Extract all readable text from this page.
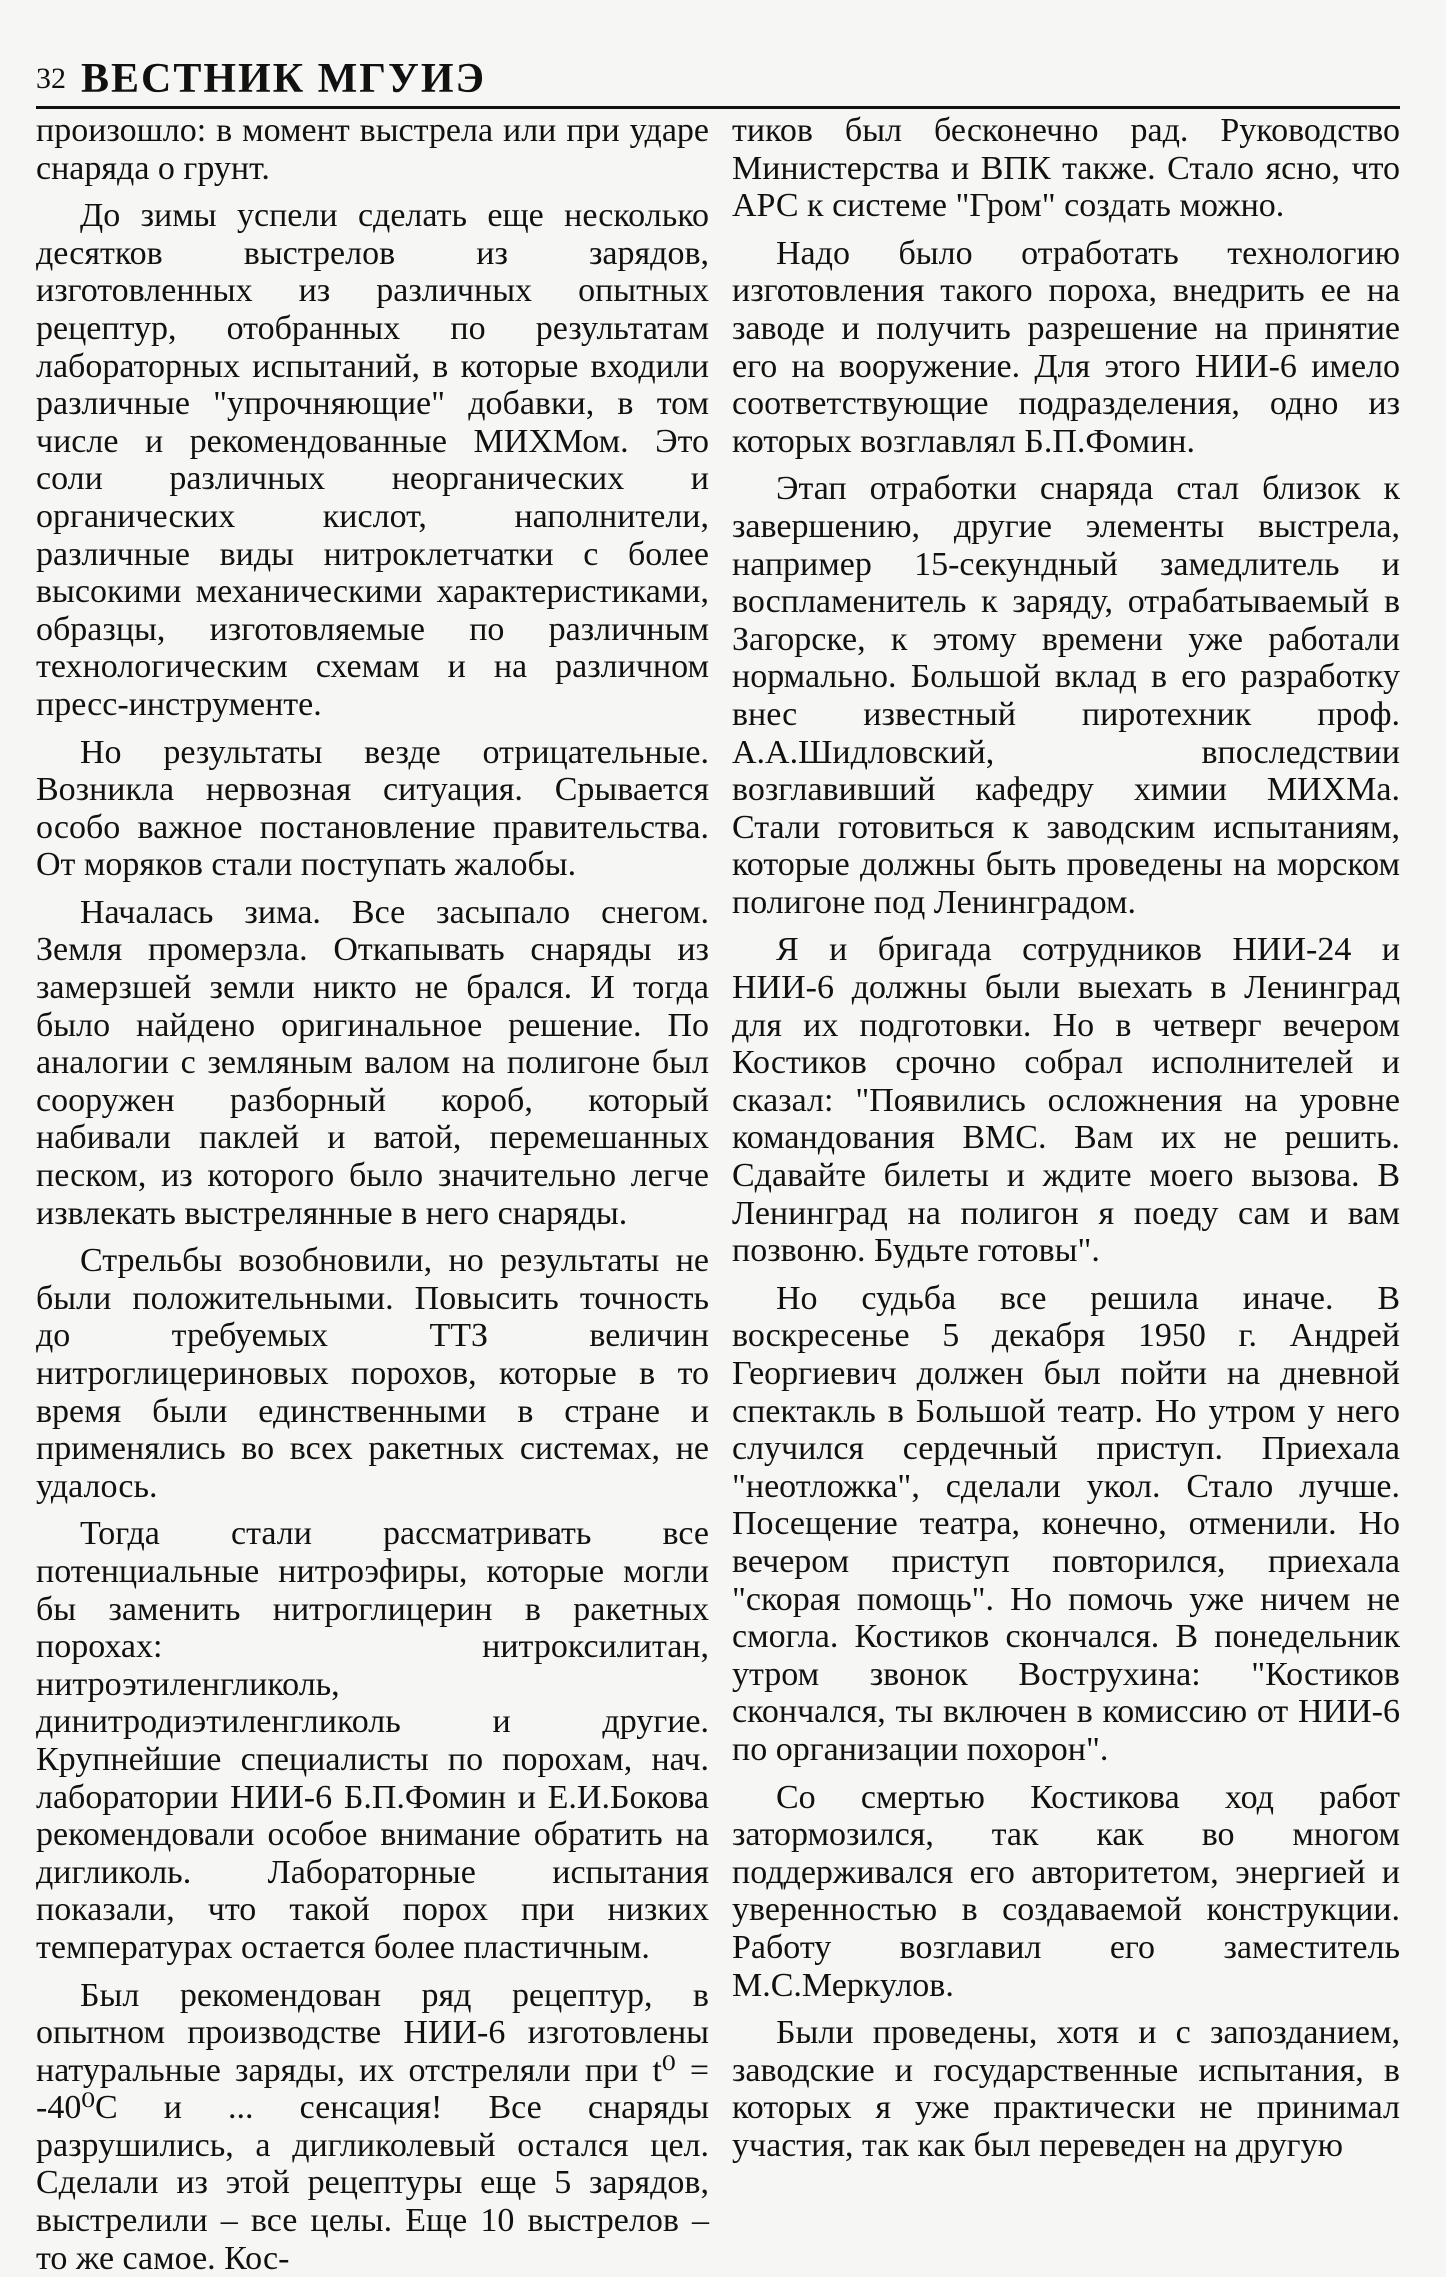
32 ВЕСТНИК МГУИЭ

произошло: в момент выстрела или при ударе снаряда о грунт.

До зимы успели сделать еще несколько десятков выстрелов из зарядов, изготовленных из различных опытных рецептур, отобранных по результатам лабораторных испытаний, в которые входили различные "упрочняющие" добавки, в том числе и рекомендованные МИХМом. Это соли различных неорганических и органических кислот, наполнители, различные виды нитроклетчатки с более высокими механическими характеристиками, образцы, изготовляемые по различным технологическим схемам и на различном пресс-инструменте.

Но результаты везде отрицательные. Возникла нервозная ситуация. Срывается особо важное постановление правительства. От моряков стали поступать жалобы.

Началась зима. Все засыпало снегом. Земля промерзла. Откапывать снаряды из замерзшей земли никто не брался. И тогда было найдено оригинальное решение. По аналогии с земляным валом на полигоне был сооружен разборный короб, который набивали паклей и ватой, перемешанных песком, из которого было значительно легче извлекать выстрелянные в него снаряды.

Стрельбы возобновили, но результаты не были положительными. Повысить точность до требуемых ТТЗ величин нитроглицериновых порохов, которые в то время были единственными в стране и применялись во всех ракетных системах, не удалось.

Тогда стали рассматривать все потенциальные нитроэфиры, которые могли бы заменить нитроглицерин в ракетных порохах: нитроксилитан, нитроэтиленгликоль, динитродиэтиленгликоль и другие. Крупнейшие специалисты по порохам, нач. лаборатории НИИ-6 Б.П.Фомин и Е.И.Бокова рекомендовали особое внимание обратить на дигликоль. Лабораторные испытания показали, что такой порох при низких температурах остается более пластичным.

Был рекомендован ряд рецептур, в опытном производстве НИИ-6 изготовлены натуральные заряды, их отстреляли при t⁰ = -40⁰C и ... сенсация! Все снаряды разрушились, а дигликолевый остался цел. Сделали из этой рецептуры еще 5 зарядов, выстрелили – все целы. Еще 10 выстрелов – то же самое. Кос-

тиков был бесконечно рад. Руководство Министерства и ВПК также. Стало ясно, что АРС к системе "Гром" создать можно.

Надо было отработать технологию изготовления такого пороха, внедрить ее на заводе и получить разрешение на принятие его на вооружение. Для этого НИИ-6 имело соответствующие подразделения, одно из которых возглавлял Б.П.Фомин.

Этап отработки снаряда стал близок к завершению, другие элементы выстрела, например 15-секундный замедлитель и воспламенитель к заряду, отрабатываемый в Загорске, к этому времени уже работали нормально. Большой вклад в его разработку внес известный пиротехник проф. А.А.Шидловский, впоследствии возглавивший кафедру химии МИХМа. Стали готовиться к заводским испытаниям, которые должны быть проведены на морском полигоне под Ленинградом.

Я и бригада сотрудников НИИ-24 и НИИ-6 должны были выехать в Ленинград для их подготовки. Но в четверг вечером Костиков срочно собрал исполнителей и сказал: "Появились осложнения на уровне командования ВМС. Вам их не решить. Сдавайте билеты и ждите моего вызова. В Ленинград на полигон я поеду сам и вам позвоню. Будьте готовы".

Но судьба все решила иначе. В воскресенье 5 декабря 1950 г. Андрей Георгиевич должен был пойти на дневной спектакль в Большой театр. Но утром у него случился сердечный приступ. Приехала "неотложка", сделали укол. Стало лучше. Посещение театра, конечно, отменили. Но вечером приступ повторился, приехала "скорая помощь". Но помочь уже ничем не смогла. Костиков скончался. В понедельник утром звонок Вострухина: "Костиков скончался, ты включен в комиссию от НИИ-6 по организации похорон".

Со смертью Костикова ход работ затормозился, так как во многом поддерживался его авторитетом, энергией и уверенностью в создаваемой конструкции. Работу возглавил его заместитель М.С.Меркулов.

Были проведены, хотя и с запозданием, заводские и государственные испытания, в которых я уже практически не принимал участия, так как был переведен на другую
